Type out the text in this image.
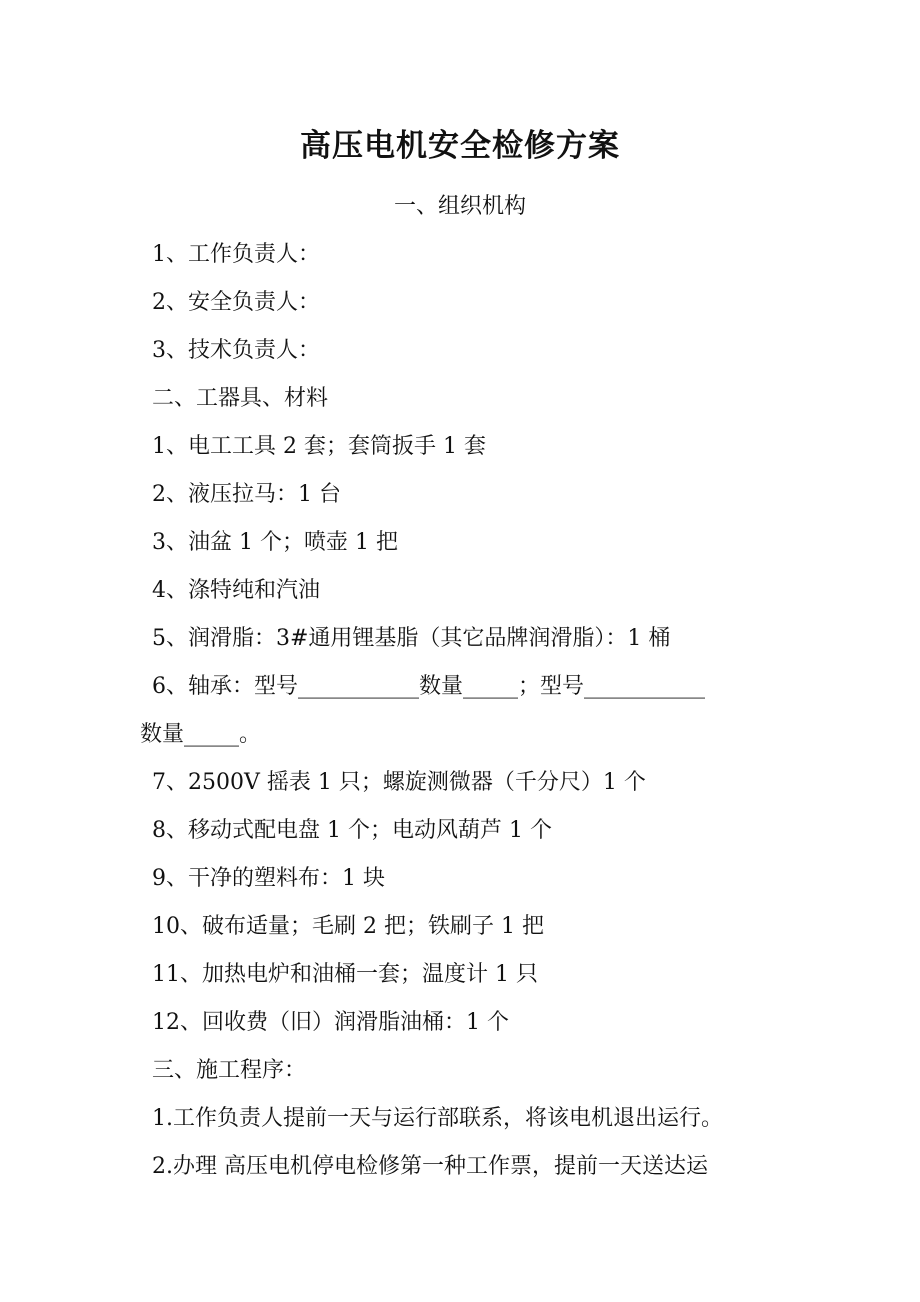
高压电机安全检修方案
一、组织机构
1、工作负责人：
2、安全负责人：
3、技术负责人：
二、工器具、材料
1、电工工具 2 套；套筒扳手 1 套
2、液压拉马：1 台
3、油盆 1 个；喷壶 1 把
4、涤特纯和汽油
5、润滑脂：3#通用锂基脂（其它品牌润滑脂）：1 桶
6、轴承：型号___________数量_____；型号___________
数量_____。
7、2500V 摇表 1 只；螺旋测微器（千分尺）1 个
8、移动式配电盘 1 个；电动风葫芦 1 个
9、干净的塑料布：1 块
10、破布适量；毛刷 2 把；铁刷子 1 把
11、加热电炉和油桶一套；温度计 1 只
12、回收费（旧）润滑脂油桶：1 个
三、施工程序：
1.工作负责人提前一天与运行部联系，将该电机退出运行。
2.办理 高压电机停电检修第一种工作票，提前一天送达运
